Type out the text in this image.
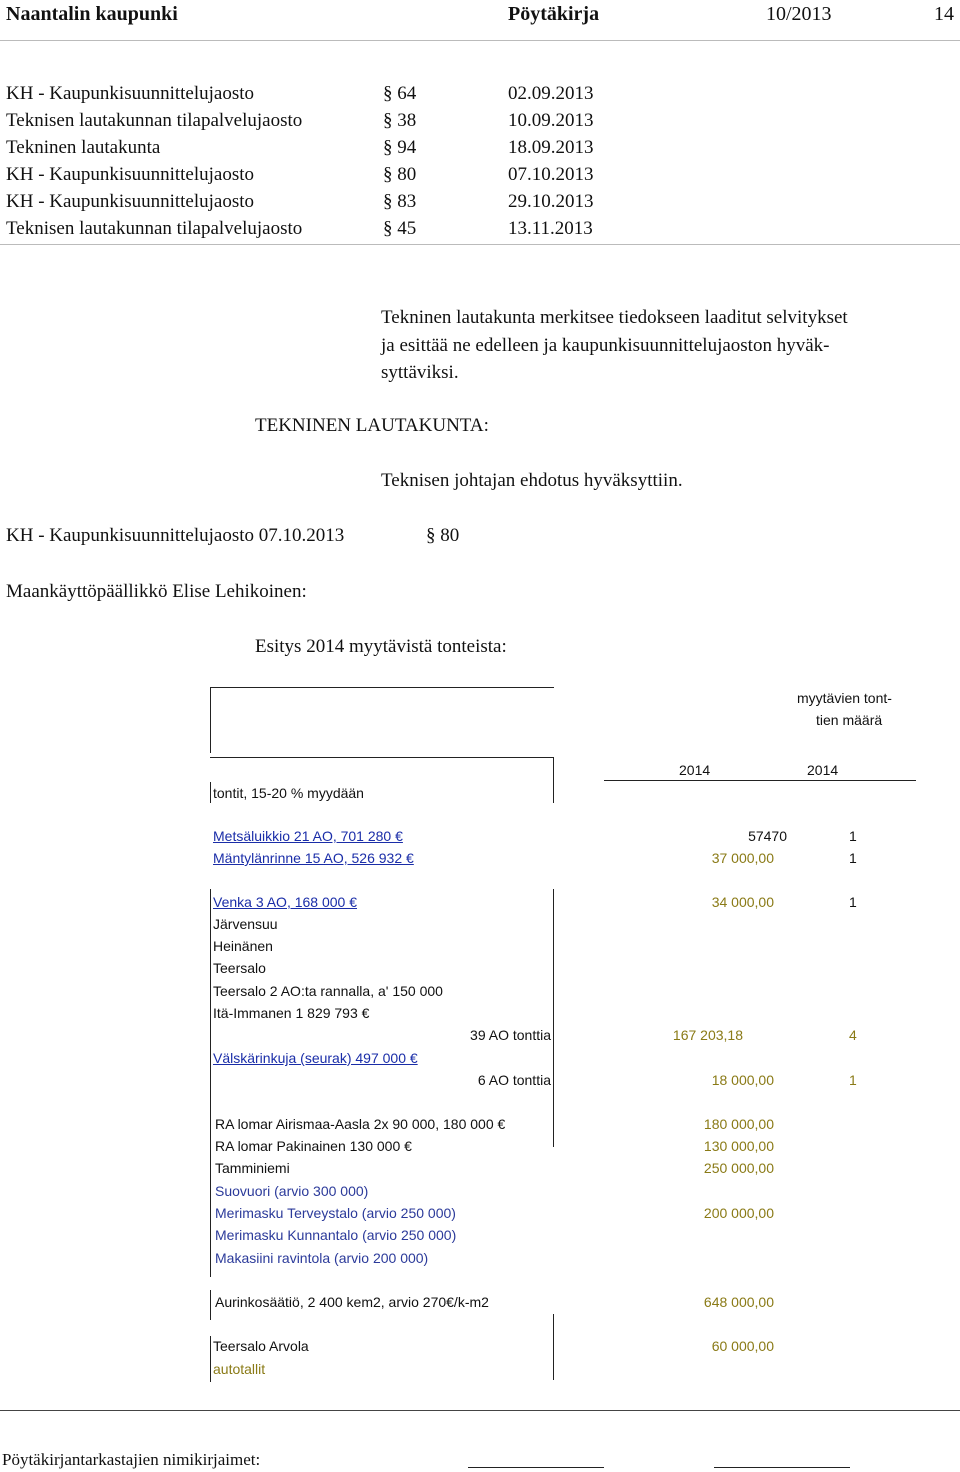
Naantalin kaupunki	Pöytäkirja	10/2013	14
KH - Kaupunkisuunnittelujaosto	§ 64	02.09.2013
Teknisen lautakunnan tilapalvelujaosto	§ 38	10.09.2013
Tekninen lautakunta	§ 94	18.09.2013
KH - Kaupunkisuunnittelujaosto	§ 80	07.10.2013
KH - Kaupunkisuunnittelujaosto	§ 83	29.10.2013
Teknisen lautakunnan tilapalvelujaosto	§ 45	13.11.2013
Tekninen lautakunta merkitsee tiedokseen laaditut selvitykset
ja esittää ne edelleen ja kaupunkisuunnittelujaoston hyväk-
syttäviksi.
TEKNINEN LAUTAKUNTA:
Teknisen johtajan ehdotus hyväksyttiin.
KH - Kaupunkisuunnittelujaosto 07.10.2013	§ 80
Maankäyttöpäällikkö Elise Lehikoinen:
Esitys 2014 myytävistä tonteista:
myytävien tont-
tien määrä
2014	2014
tontit, 15-20 % myydään
Metsäluikkio 21 AO, 701 280 €	57470	1
Mäntylänrinne 15 AO, 526 932 €	37 000,00	1
Venka 3 AO, 168 000 €	34 000,00	1
Järvensuu
Heinänen
Teersalo
Teersalo 2 AO:ta rannalla, a' 150 000
Itä-Immanen 1 829 793 €
39 AO tonttia	167 203,18	4
Välskärinkuja (seurak) 497 000 €
6 AO tonttia	18 000,00	1
RA lomar Airismaa-Aasla 2x 90 000, 180 000 €	180 000,00
RA lomar Pakinainen 130 000 €	130 000,00
Tamminiemi	250 000,00
Suovuori (arvio 300 000)
Merimasku Terveystalo (arvio 250 000)	200 000,00
Merimasku Kunnantalo (arvio 250 000)
Makasiini ravintola (arvio 200 000)
Aurinkosäätiö, 2 400 kem2, arvio 270€/k-m2	648 000,00
Teersalo Arvola	60 000,00
autotallit
Pöytäkirjantarkastajien nimikirjaimet:
